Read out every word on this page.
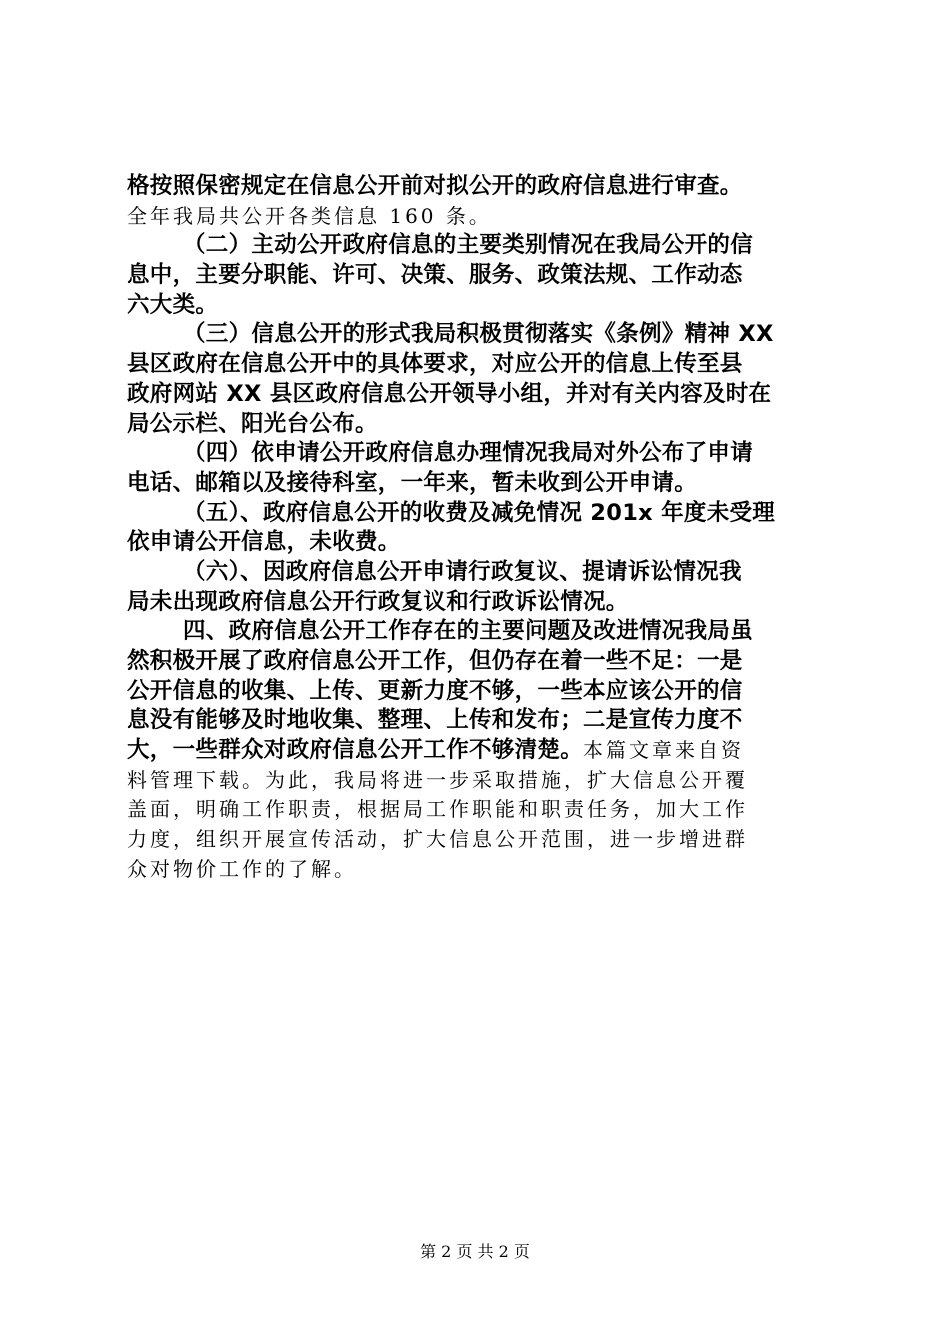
格按照保密规定在信息公开前对拟公开的政府信息进行审查。
全年我局共公开各类信息 160 条。
（二）主动公开政府信息的主要类别情况在我局公开的信
息中，主要分职能、许可、决策、服务、政策法规、工作动态
六大类。
（三）信息公开的形式我局积极贯彻落实《条例》精神 XX
县区政府在信息公开中的具体要求，对应公开的信息上传至县
政府网站 XX 县区政府信息公开领导小组，并对有关内容及时在
局公示栏、阳光台公布。
（四）依申请公开政府信息办理情况我局对外公布了申请
电话、邮箱以及接待科室，一年来，暂未收到公开申请。
（五）、政府信息公开的收费及减免情况 201x 年度未受理
依申请公开信息，未收费。
（六）、因政府信息公开申请行政复议、提请诉讼情况我
局未出现政府信息公开行政复议和行政诉讼情况。
四、政府信息公开工作存在的主要问题及改进情况我局虽
然积极开展了政府信息公开工作，但仍存在着一些不足：一是
公开信息的收集、上传、更新力度不够，一些本应该公开的信
息没有能够及时地收集、整理、上传和发布；二是宣传力度不
大，一些群众对政府信息公开工作不够清楚。本篇文章来自资
料管理下载。为此，我局将进一步采取措施，扩大信息公开覆
盖面，明确工作职责，根据局工作职能和职责任务，加大工作
力度，组织开展宣传活动，扩大信息公开范围，进一步增进群
众对物价工作的了解。
第 2 页 共 2 页
